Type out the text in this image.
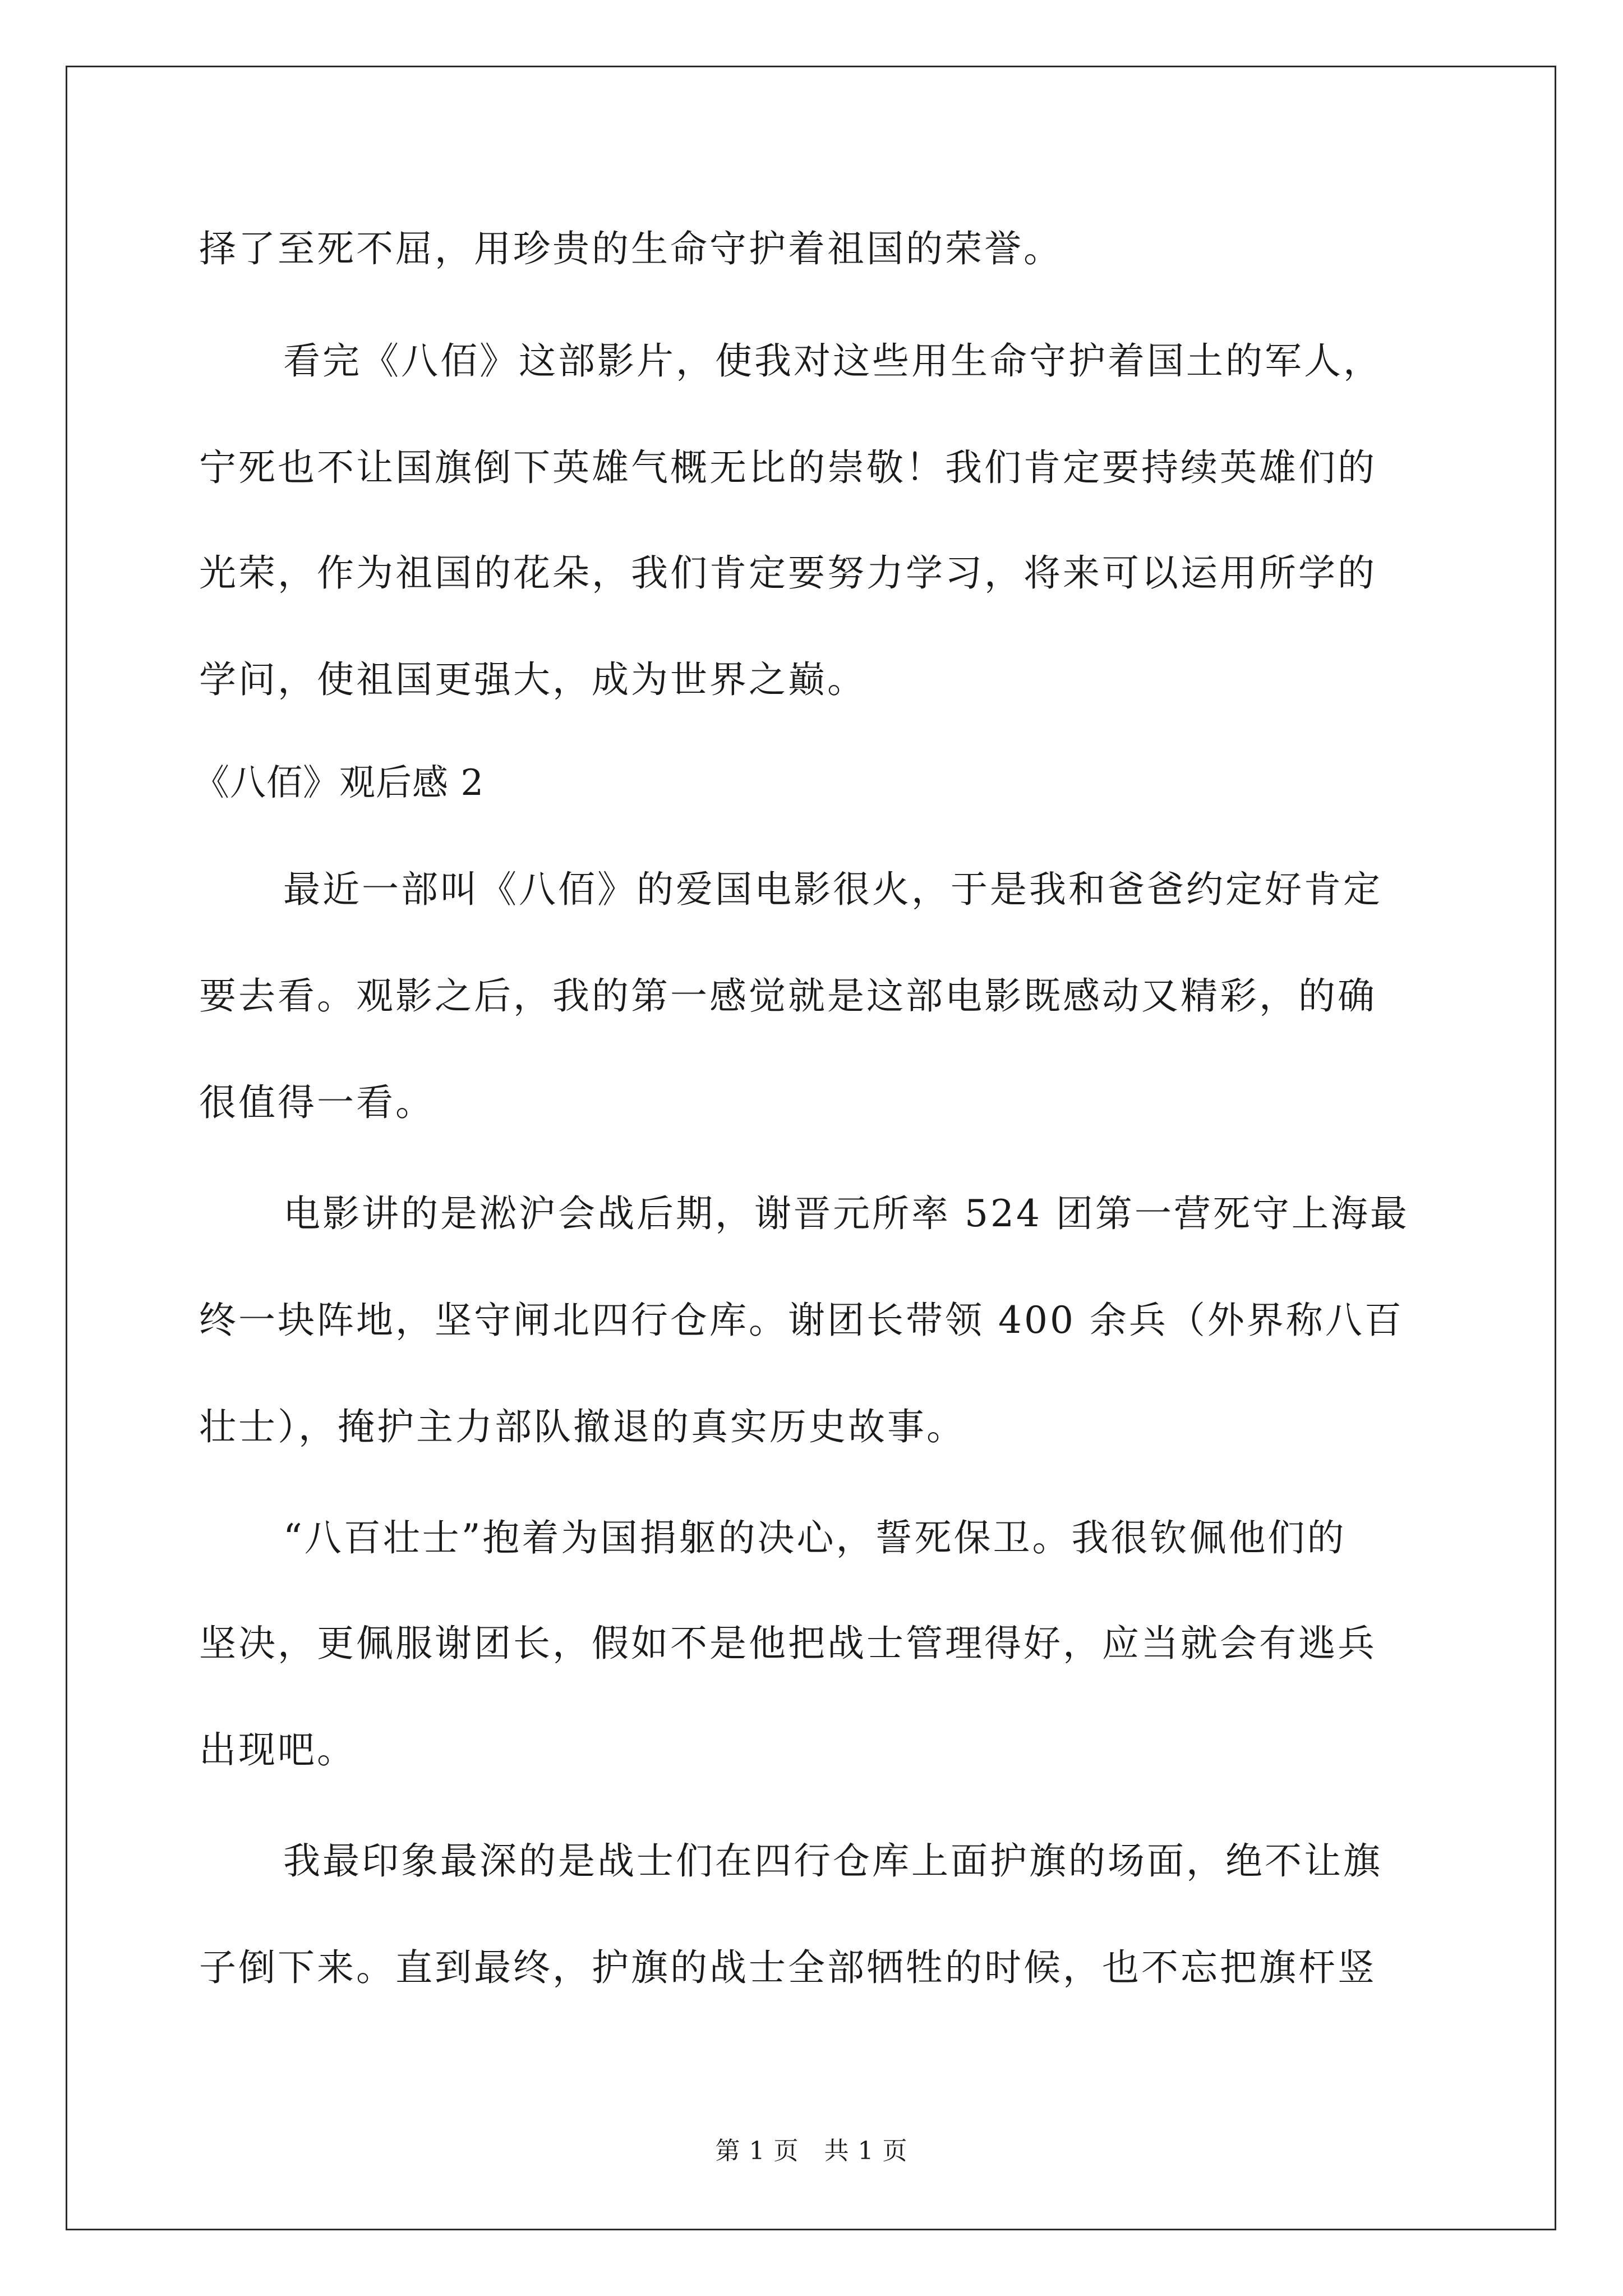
择了至死不屈，用珍贵的生命守护着祖国的荣誉。
看完《八佰》这部影片，使我对这些用生命守护着国土的军人，
宁死也不让国旗倒下英雄气概无比的崇敬！我们肯定要持续英雄们的
光荣，作为祖国的花朵，我们肯定要努力学习，将来可以运用所学的
学问，使祖国更强大，成为世界之巅。
《八佰》观后感 2
最近一部叫《八佰》的爱国电影很火，于是我和爸爸约定好肯定
要去看。观影之后，我的第一感觉就是这部电影既感动又精彩，的确
很值得一看。
电影讲的是淞沪会战后期，谢晋元所率 524 团第一营死守上海最
终一块阵地，坚守闸北四行仓库。谢团长带领 400 余兵（外界称八百
壮士），掩护主力部队撤退的真实历史故事。
“八百壮士”抱着为国捐躯的决心，誓死保卫。我很钦佩他们的
坚决，更佩服谢团长，假如不是他把战士管理得好，应当就会有逃兵
出现吧。
我最印象最深的是战士们在四行仓库上面护旗的场面，绝不让旗
子倒下来。直到最终，护旗的战士全部牺牲的时候，也不忘把旗杆竖
第 1 页　共 1 页
